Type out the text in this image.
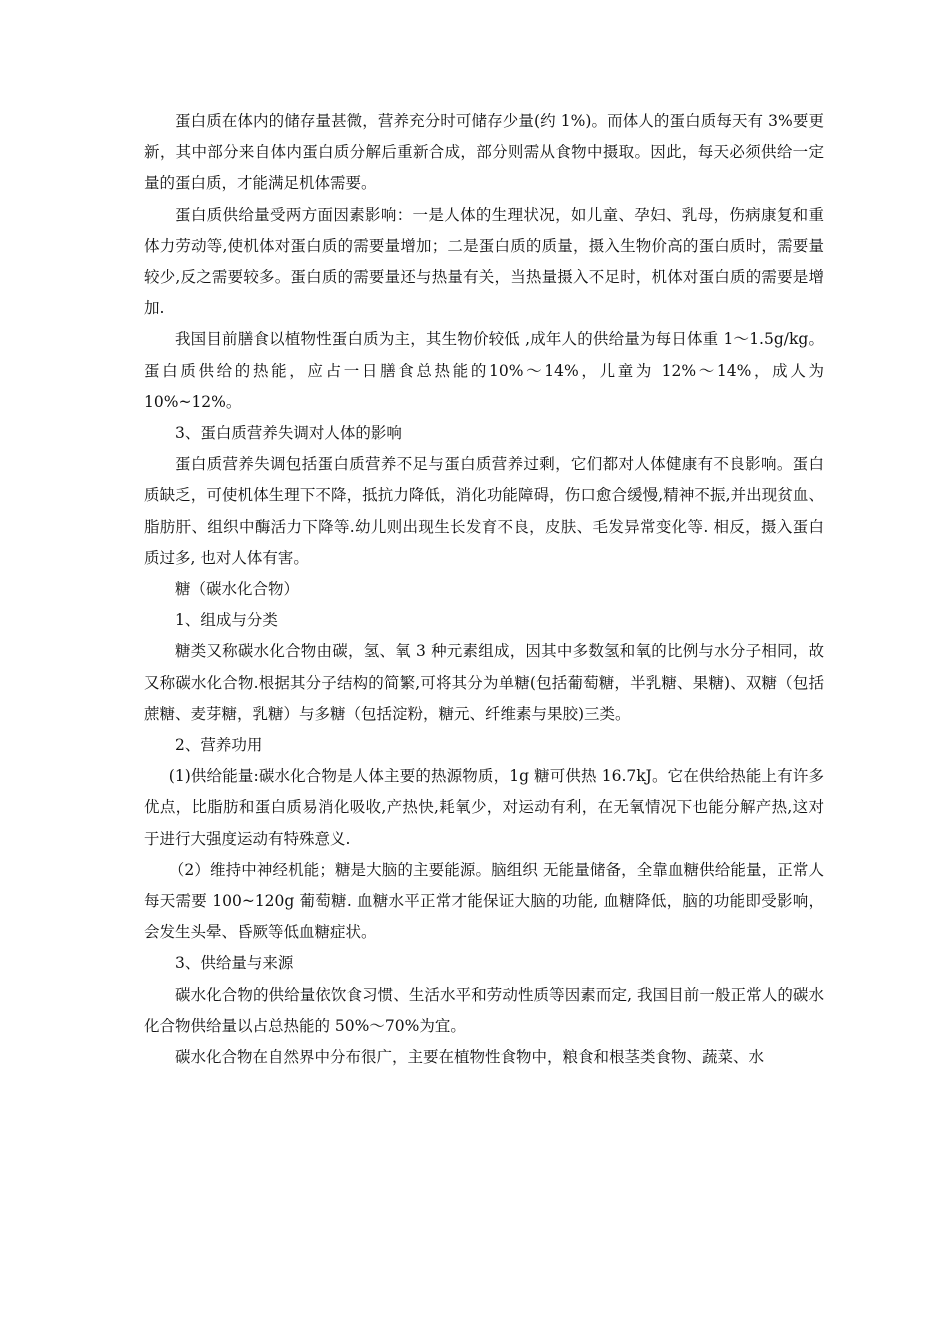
蛋白质在体内的储存量甚微，营养充分时可储存少量(约 1%)。而体人的蛋白质每天有 3%要更新，其中部分来自体内蛋白质分解后重新合成，部分则需从食物中摄取。因此，每天必须供给一定量的蛋白质，才能满足机体需要。

蛋白质供给量受两方面因素影响：一是人体的生理状况，如儿童、孕妇、乳母，伤病康复和重体力劳动等,使机体对蛋白质的需要量增加；二是蛋白质的质量，摄入生物价高的蛋白质时，需要量较少,反之需要较多。蛋白质的需要量还与热量有关，当热量摄入不足时，机体对蛋白质的需要是增加.

我国目前膳食以植物性蛋白质为主，其生物价较低 ,成年人的供给量为每日体重 1～1.5g/kg。蛋白质供给的热能，应占一日膳食总热能的10%～14%，儿童为 12%～14%，成人为 10%~12%。

3、蛋白质营养失调对人体的影响

蛋白质营养失调包括蛋白质营养不足与蛋白质营养过剩，它们都对人体健康有不良影响。蛋白质缺乏，可使机体生理下不降，抵抗力降低，消化功能障碍，伤口愈合缓慢,精神不振,并出现贫血、脂肪肝、组织中酶活力下降等.幼儿则出现生长发育不良，皮肤、毛发异常变化等. 相反，摄入蛋白质过多, 也对人体有害。

糖（碳水化合物）

1、组成与分类

糖类又称碳水化合物由碳，氢、氧 3 种元素组成，因其中多数氢和氧的比例与水分子相同，故又称碳水化合物.根据其分子结构的简繁,可将其分为单糖(包括葡萄糖，半乳糖、果糖)、双糖（包括蔗糖、麦芽糖，乳糖）与多糖（包括淀粉，糖元、纤维素与果胶)三类。

2、营养功用

(1)供给能量:碳水化合物是人体主要的热源物质，1g 糖可供热 16.7kJ。它在供给热能上有许多优点，比脂肪和蛋白质易消化吸收,产热快,耗氧少，对运动有利，在无氧情况下也能分解产热,这对于进行大强度运动有特殊意义.

（2）维持中神经机能；糖是大脑的主要能源。脑组织 无能量储备，全靠血糖供给能量，正常人每天需要 100~120g 葡萄糖. 血糖水平正常才能保证大脑的功能, 血糖降低，脑的功能即受影响，会发生头晕、昏厥等低血糖症状。

3、供给量与来源

碳水化合物的供给量依饮食习惯、生活水平和劳动性质等因素而定, 我国目前一般正常人的碳水化合物供给量以占总热能的 50%～70%为宜。

碳水化合物在自然界中分布很广，主要在植物性食物中，粮食和根茎类食物、蔬菜、水
